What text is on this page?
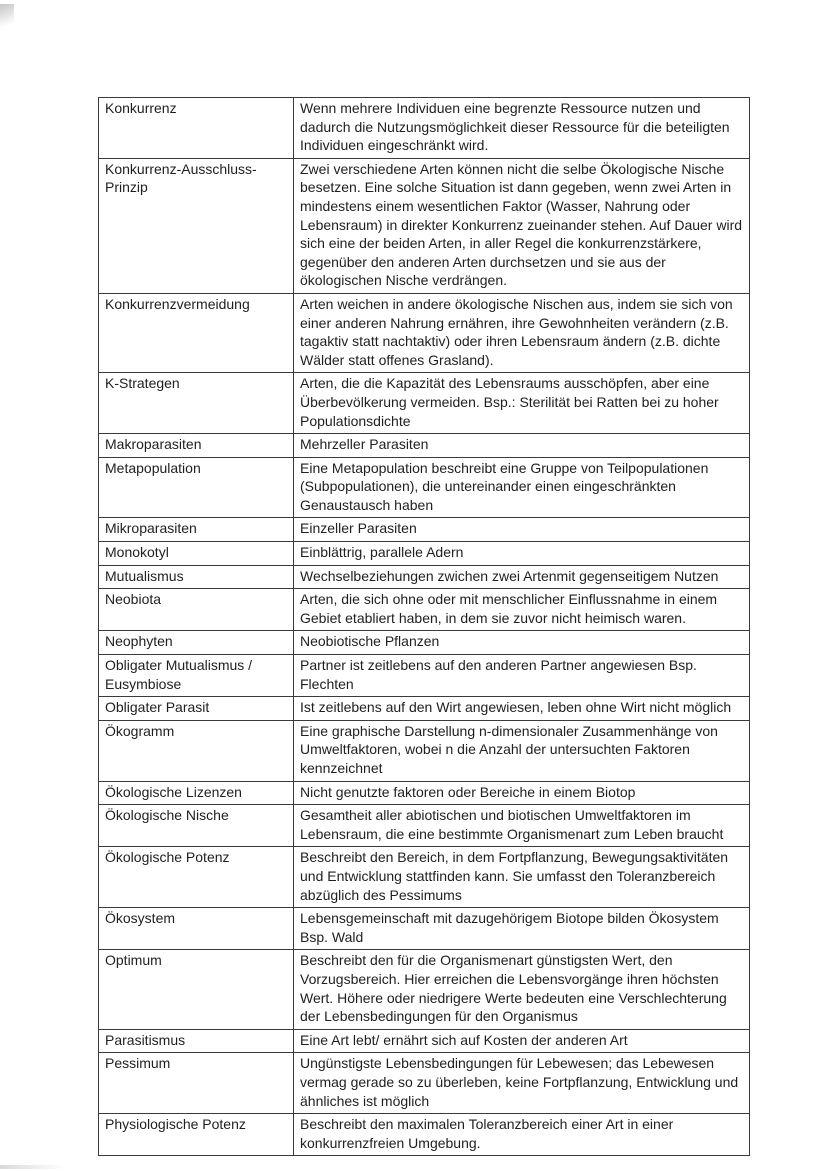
Konkurrenz	Wenn mehrere Individuen eine begrenzte Ressource nutzen und dadurch die Nutzungsmöglichkeit dieser Ressource für die beteiligten Individuen eingeschränkt wird.
Konkurrenz-Ausschluss-Prinzip	Zwei verschiedene Arten können nicht die selbe Ökologische Nische besetzen. Eine solche Situation ist dann gegeben, wenn zwei Arten in mindestens einem wesentlichen Faktor (Wasser, Nahrung oder Lebensraum) in direkter Konkurrenz zueinander stehen. Auf Dauer wird sich eine der beiden Arten, in aller Regel die konkurrenzstärkere, gegenüber den anderen Arten durchsetzen und sie aus der ökologischen Nische verdrängen.
Konkurrenzvermeidung	Arten weichen in andere ökologische Nischen aus, indem sie sich von einer anderen Nahrung ernähren, ihre Gewohnheiten verändern (z.B. tagaktiv statt nachtaktiv) oder ihren Lebensraum ändern (z.B. dichte Wälder statt offenes Grasland).
K-Strategen	Arten, die die Kapazität des Lebensraums ausschöpfen, aber eine Überbevölkerung vermeiden. Bsp.: Sterilität bei Ratten bei zu hoher Populationsdichte
Makroparasiten	Mehrzeller Parasiten
Metapopulation	Eine Metapopulation beschreibt eine Gruppe von Teilpopulationen (Subpopulationen), die untereinander einen eingeschränkten Genaustausch haben
Mikroparasiten	Einzeller Parasiten
Monokotyl	Einblättrig, parallele Adern
Mutualismus	Wechselbeziehungen zwichen zwei Artenmit gegenseitigem Nutzen
Neobiota	Arten, die sich ohne oder mit menschlicher Einflussnahme in einem Gebiet etabliert haben, in dem sie zuvor nicht heimisch waren.
Neophyten	Neobiotische Pflanzen
Obligater Mutualismus / Eusymbiose	Partner ist zeitlebens auf den anderen Partner angewiesen Bsp. Flechten
Obligater Parasit	Ist zeitlebens auf den Wirt angewiesen, leben ohne Wirt nicht möglich
Ökogramm	Eine graphische Darstellung n-dimensionaler Zusammenhänge von Umweltfaktoren, wobei n die Anzahl der untersuchten Faktoren kennzeichnet
Ökologische Lizenzen	Nicht genutzte faktoren oder Bereiche in einem Biotop
Ökologische Nische	Gesamtheit aller abiotischen und biotischen Umweltfaktoren im Lebensraum, die eine bestimmte Organismenart zum Leben braucht
Ökologische Potenz	Beschreibt den Bereich, in dem Fortpflanzung, Bewegungsaktivitäten und Entwicklung stattfinden kann. Sie umfasst den Toleranzbereich abzüglich des Pessimums
Ökosystem	Lebensgemeinschaft mit dazugehörigem Biotope bilden Ökosystem Bsp. Wald
Optimum	Beschreibt den für die Organismenart günstigsten Wert, den Vorzugsbereich. Hier erreichen die Lebensvorgänge ihren höchsten Wert. Höhere oder niedrigere Werte bedeuten eine Verschlechterung der Lebensbedingungen für den Organismus
Parasitismus	Eine Art lebt/ ernährt sich auf Kosten der anderen Art
Pessimum	Ungünstigste Lebensbedingungen für Lebewesen; das Lebewesen vermag gerade so zu überleben, keine Fortpflanzung, Entwicklung und ähnliches ist möglich
Physiologische Potenz	Beschreibt den maximalen Toleranzbereich einer Art in einer konkurrenzfreien Umgebung.
